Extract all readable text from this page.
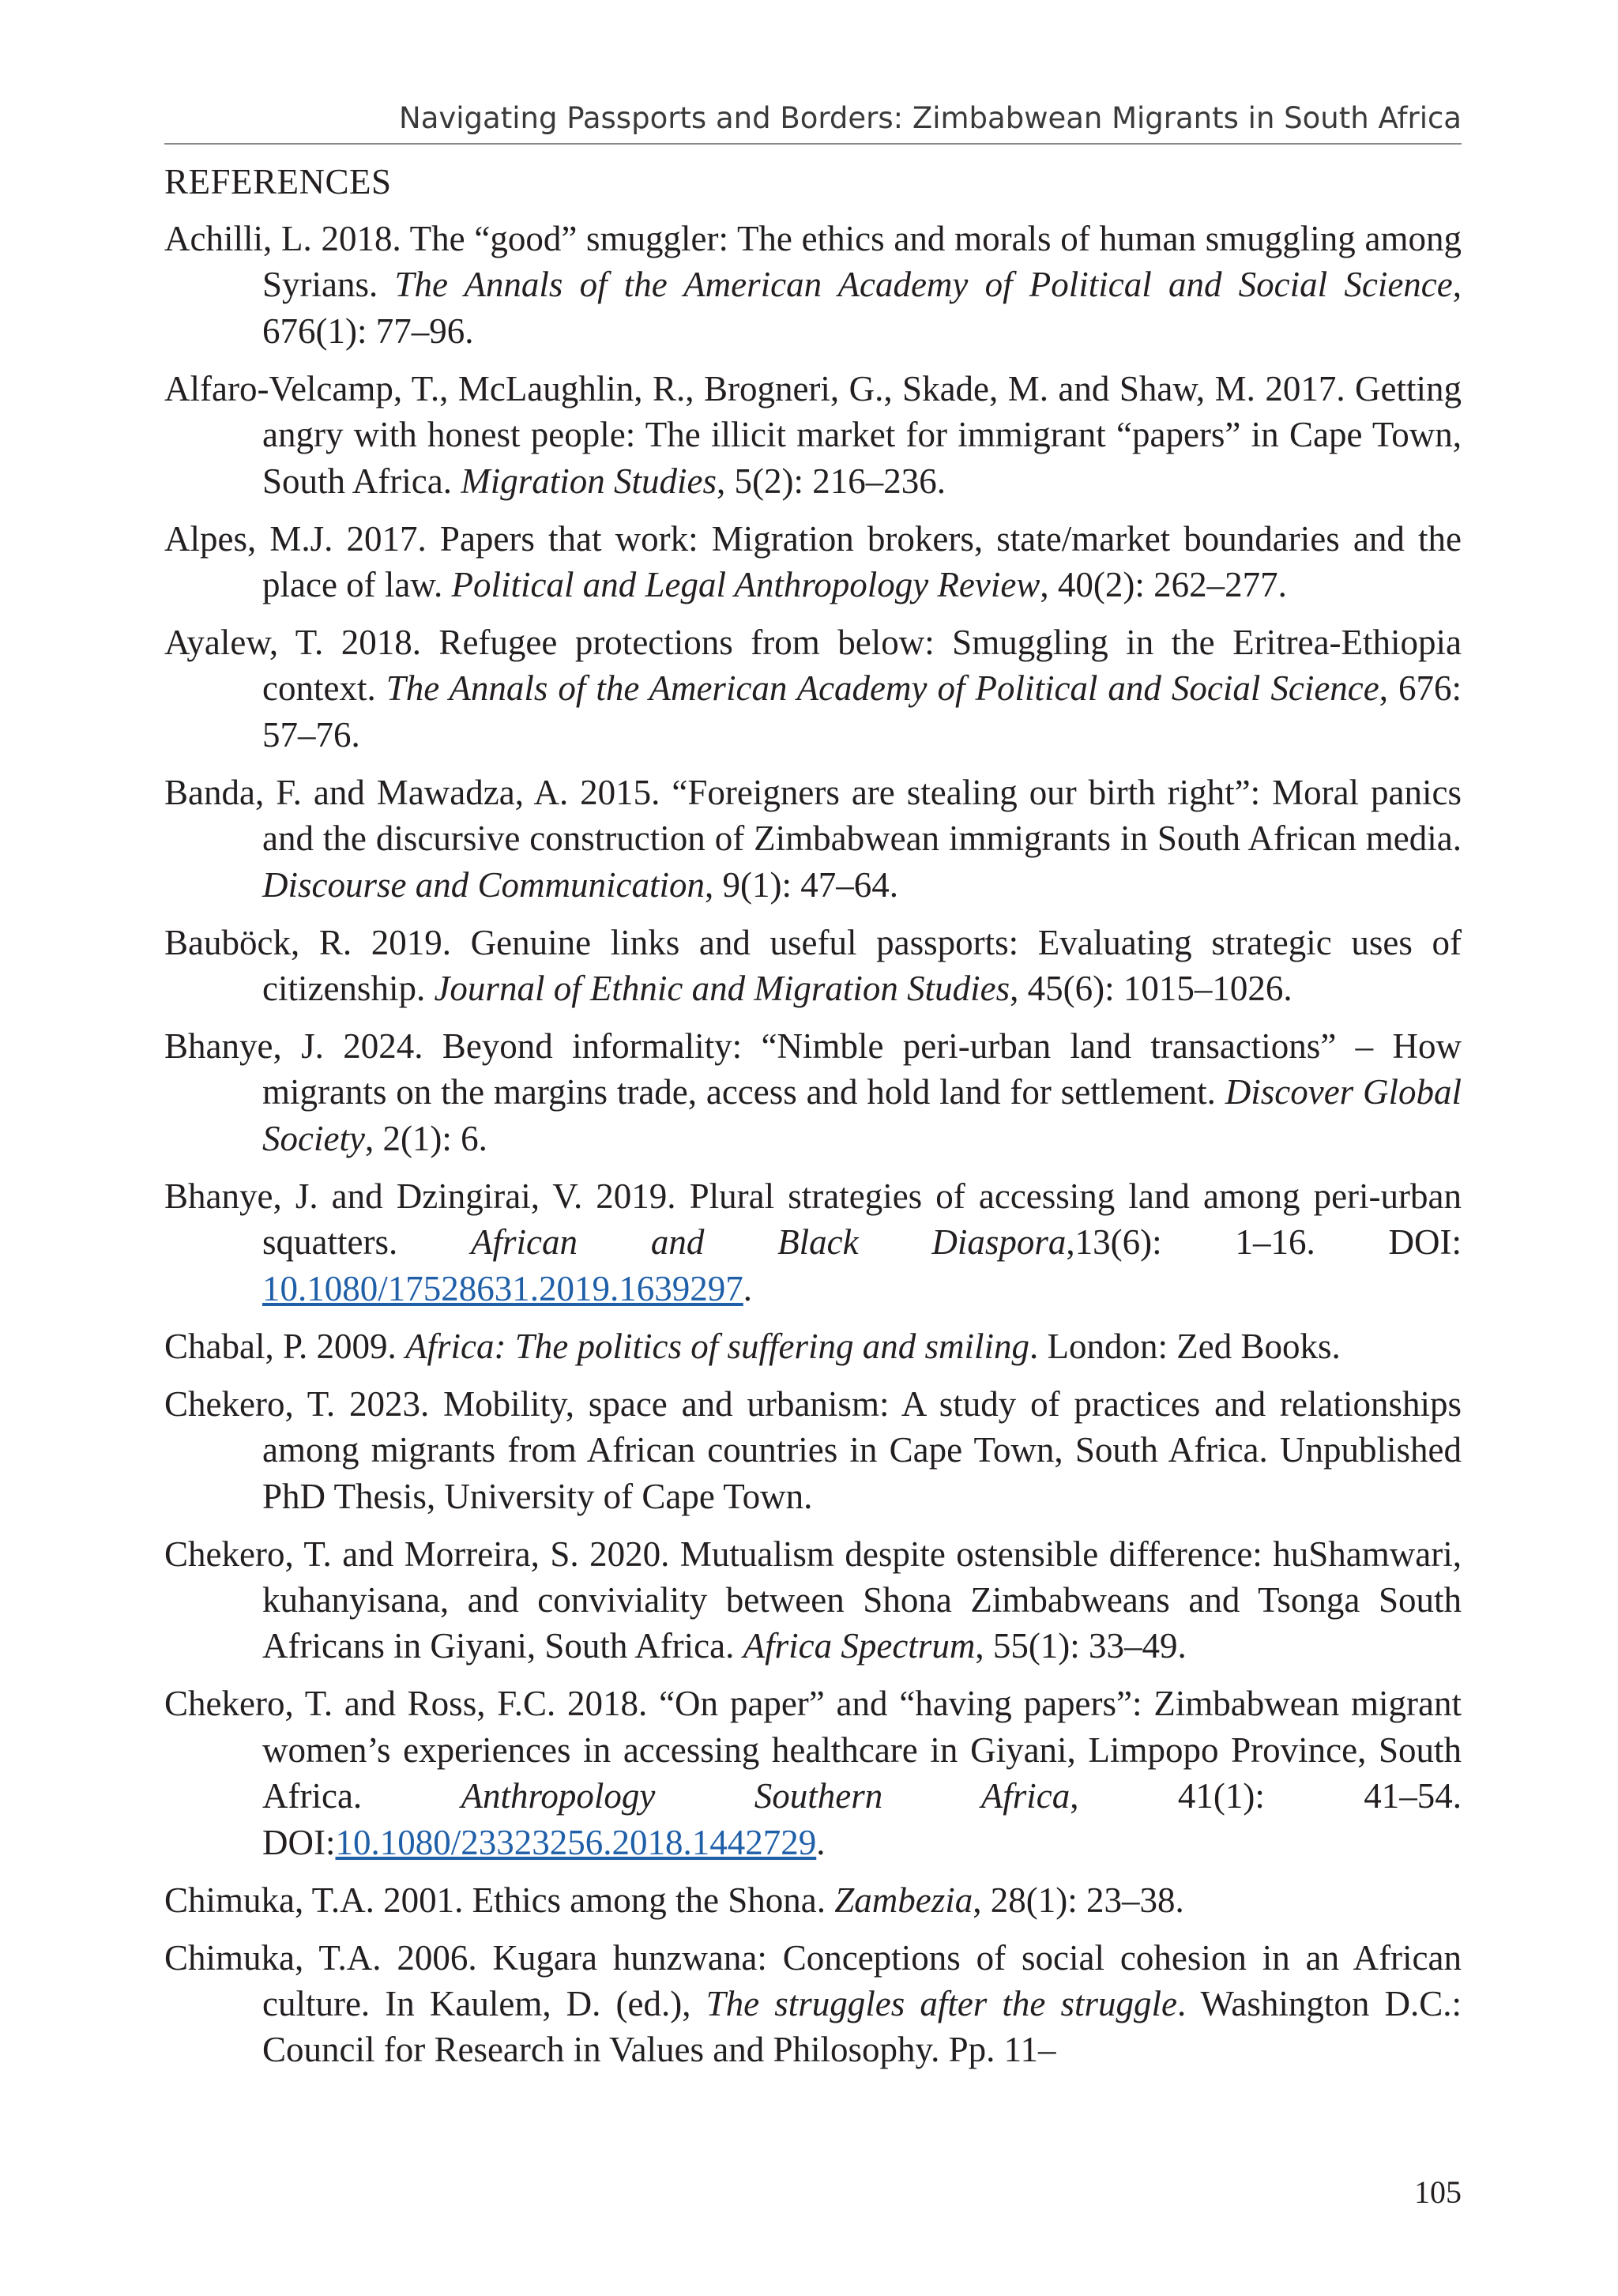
Navigating Passports and Borders: Zimbabwean Migrants in South Africa
REFERENCES
Achilli, L. 2018. The “good” smuggler: The ethics and morals of human smuggling among Syrians. The Annals of the American Academy of Political and Social Science, 676(1): 77–96.
Alfaro-Velcamp, T., McLaughlin, R., Brogneri, G., Skade, M. and Shaw, M. 2017. Getting angry with honest people: The illicit market for immigrant “papers” in Cape Town, South Africa. Migration Studies, 5(2): 216–236.
Alpes, M.J. 2017. Papers that work: Migration brokers, state/market boundaries and the place of law. Political and Legal Anthropology Review, 40(2): 262–277.
Ayalew, T. 2018. Refugee protections from below: Smuggling in the Eritrea-Ethiopia context. The Annals of the American Academy of Political and Social Science, 676: 57–76.
Banda, F. and Mawadza, A. 2015. “Foreigners are stealing our birth right”: Moral panics and the discursive construction of Zimbabwean immigrants in South African media. Discourse and Communication, 9(1): 47–64.
Bauböck, R. 2019. Genuine links and useful passports: Evaluating strategic uses of citizenship. Journal of Ethnic and Migration Studies, 45(6): 1015–1026.
Bhanye, J. 2024. Beyond informality: “Nimble peri-urban land transactions” – How migrants on the margins trade, access and hold land for settlement. Discover Global Society, 2(1): 6.
Bhanye, J. and Dzingirai, V. 2019. Plural strategies of accessing land among peri-urban squatters. African and Black Diaspora,13(6): 1–16. DOI: 10.1080/17528631.2019.1639297.
Chabal, P. 2009. Africa: The politics of suffering and smiling. London: Zed Books.
Chekero, T. 2023. Mobility, space and urbanism: A study of practices and relationships among migrants from African countries in Cape Town, South Africa. Unpublished PhD Thesis, University of Cape Town.
Chekero, T. and Morreira, S. 2020. Mutualism despite ostensible difference: huShamwari, kuhanyisana, and conviviality between Shona Zimbabweans and Tsonga South Africans in Giyani, South Africa. Africa Spectrum, 55(1): 33–49.
Chekero, T. and Ross, F.C. 2018. “On paper” and “having papers”: Zimbabwean migrant women’s experiences in accessing healthcare in Giyani, Limpopo Province, South Africa. Anthropology Southern Africa, 41(1): 41–54. DOI:10.1080/23323256.2018.1442729.
Chimuka, T.A. 2001. Ethics among the Shona. Zambezia, 28(1): 23–38.
Chimuka, T.A. 2006. Kugara hunzwana: Conceptions of social cohesion in an African culture. In Kaulem, D. (ed.), The struggles after the struggle. Washington D.C.: Council for Research in Values and Philosophy. Pp. 11–
105
